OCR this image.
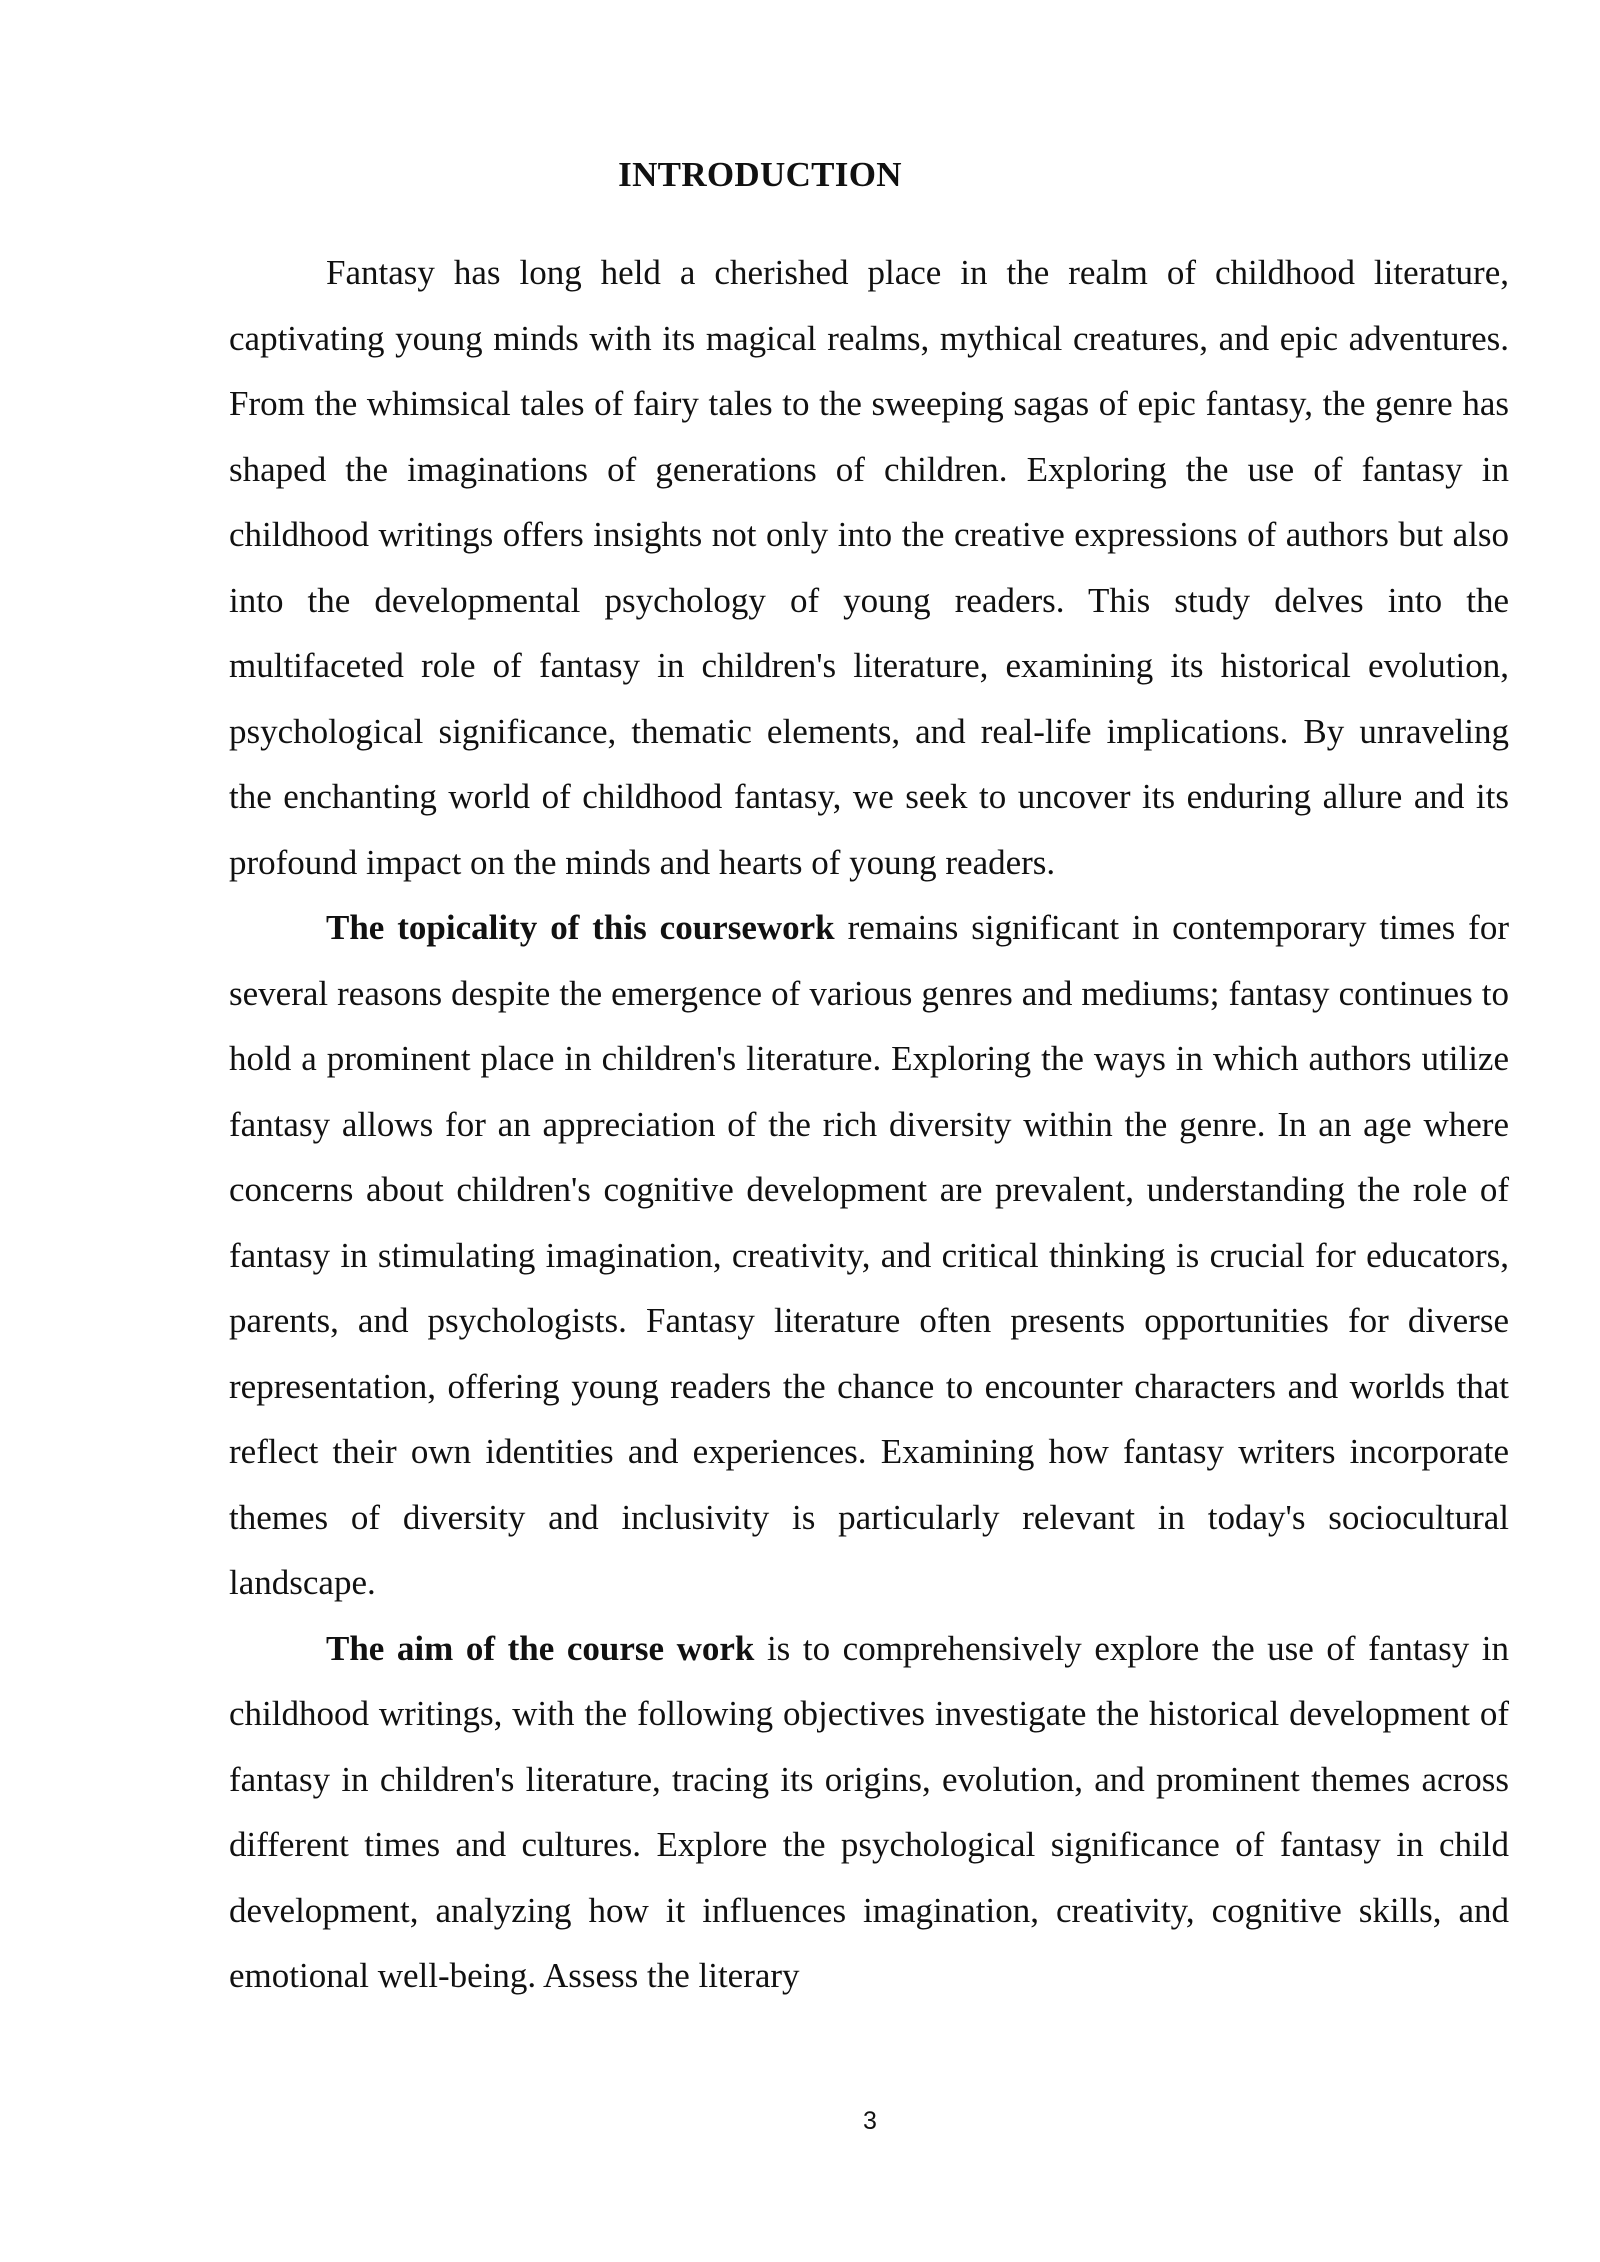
INTRODUCTION

Fantasy has long held a cherished place in the realm of childhood literature, captivating young minds with its magical realms, mythical creatures, and epic adventures. From the whimsical tales of fairy tales to the sweeping sagas of epic fantasy, the genre has shaped the imaginations of generations of children. Exploring the use of fantasy in childhood writings offers insights not only into the creative expressions of authors but also into the developmental psychology of young readers. This study delves into the multifaceted role of fantasy in children's literature, examining its historical evolution, psychological significance, thematic elements, and real-life implications. By unraveling the enchanting world of childhood fantasy, we seek to uncover its enduring allure and its profound impact on the minds and hearts of young readers.

The topicality of this coursework remains significant in contemporary times for several reasons despite the emergence of various genres and mediums; fantasy continues to hold a prominent place in children's literature. Exploring the ways in which authors utilize fantasy allows for an appreciation of the rich diversity within the genre. In an age where concerns about children's cognitive development are prevalent, understanding the role of fantasy in stimulating imagination, creativity, and critical thinking is crucial for educators, parents, and psychologists. Fantasy literature often presents opportunities for diverse representation, offering young readers the chance to encounter characters and worlds that reflect their own identities and experiences. Examining how fantasy writers incorporate themes of diversity and inclusivity is particularly relevant in today's sociocultural landscape.

The aim of the course work is to comprehensively explore the use of fantasy in childhood writings, with the following objectives investigate the historical development of fantasy in children's literature, tracing its origins, evolution, and prominent themes across different times and cultures. Explore the psychological significance of fantasy in child development, analyzing how it influences imagination, creativity, cognitive skills, and emotional well-being. Assess the literary

3
